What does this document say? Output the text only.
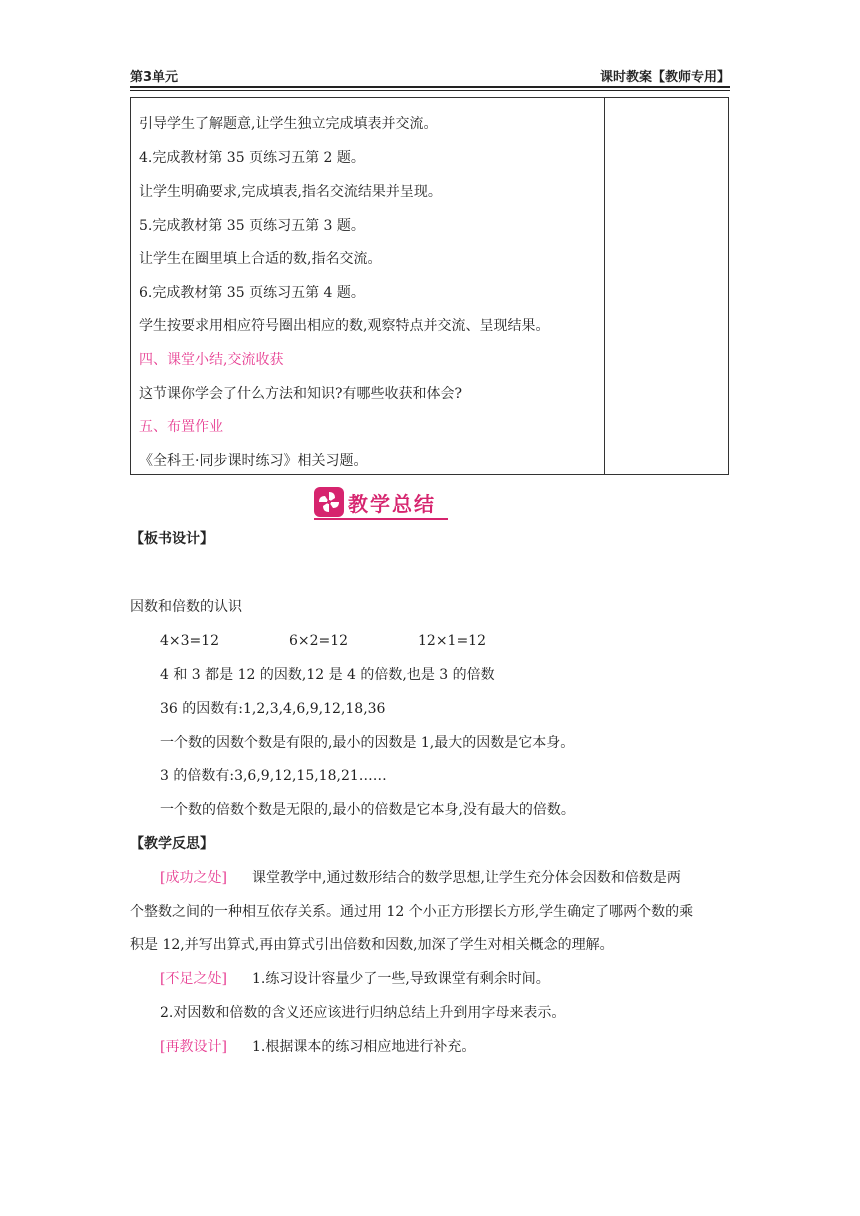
第3单元	课时教案【教师专用】
引导学生了解题意,让学生独立完成填表并交流。
4.完成教材第 35 页练习五第 2 题。
让学生明确要求,完成填表,指名交流结果并呈现。
5.完成教材第 35 页练习五第 3 题。
让学生在圈里填上合适的数,指名交流。
6.完成教材第 35 页练习五第 4 题。
学生按要求用相应符号圈出相应的数,观察特点并交流、呈现结果。
四、课堂小结,交流收获
这节课你学会了什么方法和知识?有哪些收获和体会?
五、布置作业
《全科王·同步课时练习》相关习题。
教学总结
【板书设计】
因数和倍数的认识
4×3=12	6×2=12	12×1=12
4 和 3 都是 12 的因数,12 是 4 的倍数,也是 3 的倍数
36 的因数有:1,2,3,4,6,9,12,18,36
一个数的因数个数是有限的,最小的因数是 1,最大的因数是它本身。
3 的倍数有:3,6,9,12,15,18,21……
一个数的倍数个数是无限的,最小的倍数是它本身,没有最大的倍数。
【教学反思】
[成功之处] 课堂教学中,通过数形结合的数学思想,让学生充分体会因数和倍数是两
个整数之间的一种相互依存关系。通过用 12 个小正方形摆长方形,学生确定了哪两个数的乘
积是 12,并写出算式,再由算式引出倍数和因数,加深了学生对相关概念的理解。
[不足之处] 1.练习设计容量少了一些,导致课堂有剩余时间。
2.对因数和倍数的含义还应该进行归纳总结上升到用字母来表示。
[再教设计] 1.根据课本的练习相应地进行补充。
